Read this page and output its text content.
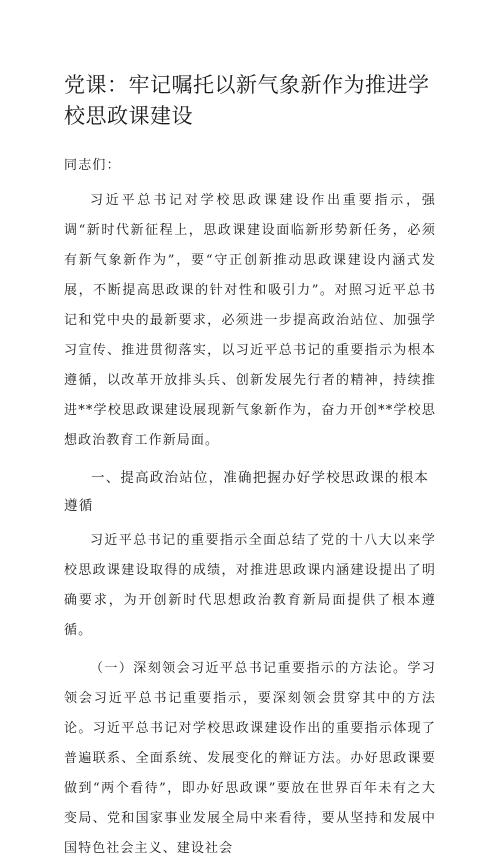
党课：牢记嘱托以新气象新作为推进学校思政课建设

同志们：

习近平总书记对学校思政课建设作出重要指示，强调“新时代新征程上，思政课建设面临新形势新任务，必须有新气象新作为”，要“守正创新推动思政课建设内涵式发展，不断提高思政课的针对性和吸引力”。对照习近平总书记和党中央的最新要求，必须进一步提高政治站位、加强学习宣传、推进贯彻落实，以习近平总书记的重要指示为根本遵循，以改革开放排头兵、创新发展先行者的精神，持续推进**学校思政课建设展现新气象新作为，奋力开创**学校思想政治教育工作新局面。

一、提高政治站位，准确把握办好学校思政课的根本遵循

习近平总书记的重要指示全面总结了党的十八大以来学校思政课建设取得的成绩，对推进思政课内涵建设提出了明确要求，为开创新时代思想政治教育新局面提供了根本遵循。

（一）深刻领会习近平总书记重要指示的方法论。学习领会习近平总书记重要指示，要深刻领会贯穿其中的方法论。习近平总书记对学校思政课建设作出的重要指示体现了普遍联系、全面系统、发展变化的辩证方法。办好思政课要做到“两个看待”，即办好思政课”要放在世界百年未有之大变局、党和国家事业发展全局中来看待，要从坚持和发展中国特色社会主义、建设社会
